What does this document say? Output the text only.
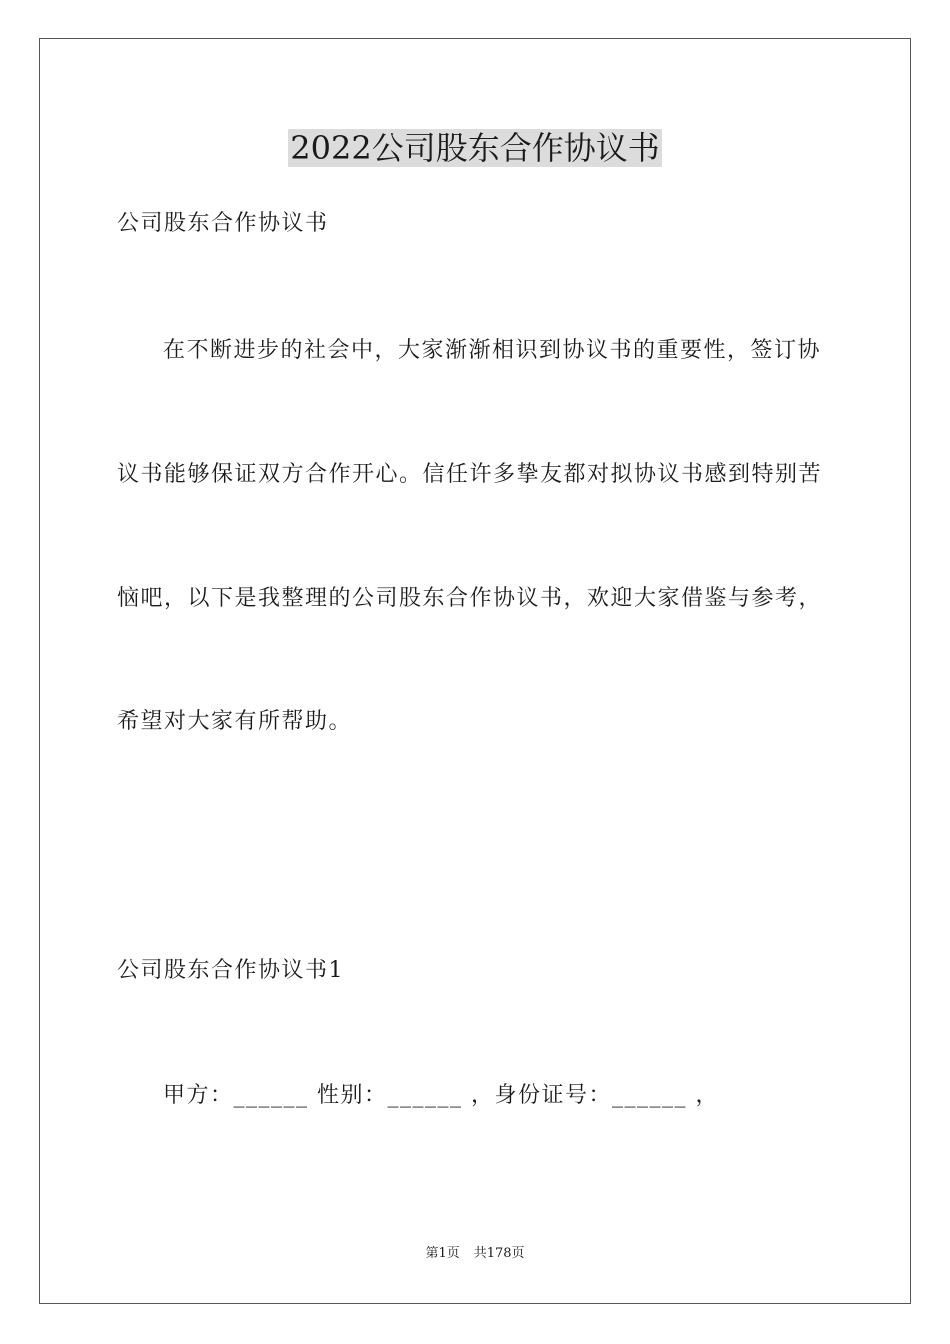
2022公司股东合作协议书

公司股东合作协议书

在不断进步的社会中，大家渐渐相识到协议书的重要性，签订协

议书能够保证双方合作开心。信任许多挚友都对拟协议书感到特别苦

恼吧，以下是我整理的公司股东合作协议书，欢迎大家借鉴与参考，

希望对大家有所帮助。

公司股东合作协议书1

甲方：______ 性别：______ ，身份证号：______ ，

第1页 共178页
